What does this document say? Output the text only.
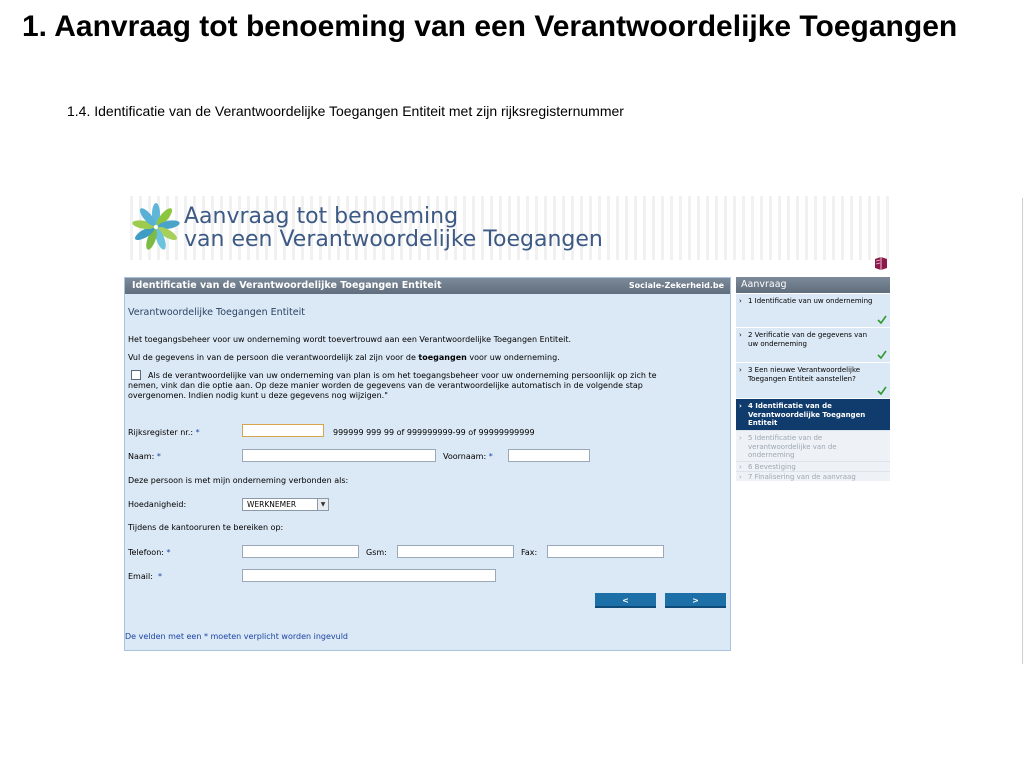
1. Aanvraag tot benoeming van een Verantwoordelijke Toegangen
1.4. Identificatie van de Verantwoordelijke Toegangen Entiteit met zijn rijksregisternummer
Aanvraag tot benoeming
van een Verantwoordelijke Toegangen
Identificatie van de Verantwoordelijke Toegangen Entiteit	Sociale-Zekerheid.be
Verantwoordelijke Toegangen Entiteit
Het toegangsbeheer voor uw onderneming wordt toevertrouwd aan een Verantwoordelijke Toegangen Entiteit.
Vul de gegevens in van de persoon die verantwoordelijk zal zijn voor de toegangen voor uw onderneming.
Als de verantwoordelijke van uw onderneming van plan is om het toegangsbeheer voor uw onderneming persoonlijk op zich te
nemen, vink dan die optie aan. Op deze manier worden de gegevens van de verantwoordelijke automatisch in de volgende stap
overgenomen. Indien nodig kunt u deze gegevens nog wijzigen."
Rijksregister nr.: *	999999 999 99 of 999999999-99 of 99999999999
Naam: *	Voornaam: *
Deze persoon is met mijn onderneming verbonden als:
Hoedanigheid:	WERKNEMER	▼
Tijdens de kantooruren te bereiken op:
Telefoon: *	Gsm:	Fax:
Email: *
<	>
De velden met een * moeten verplicht worden ingevuld
Aanvraag
› 1 Identificatie van uw onderneming
› 2 Verificatie van de gegevens van uw onderneming
› 3 Een nieuwe Verantwoordelijke Toegangen Entiteit aanstellen?
› 4 Identificatie van de Verantwoordelijke Toegangen Entiteit
› 5 Identificatie van de verantwoordelijke van de onderneming
› 6 Bevestiging
› 7 Finalisering van de aanvraag
